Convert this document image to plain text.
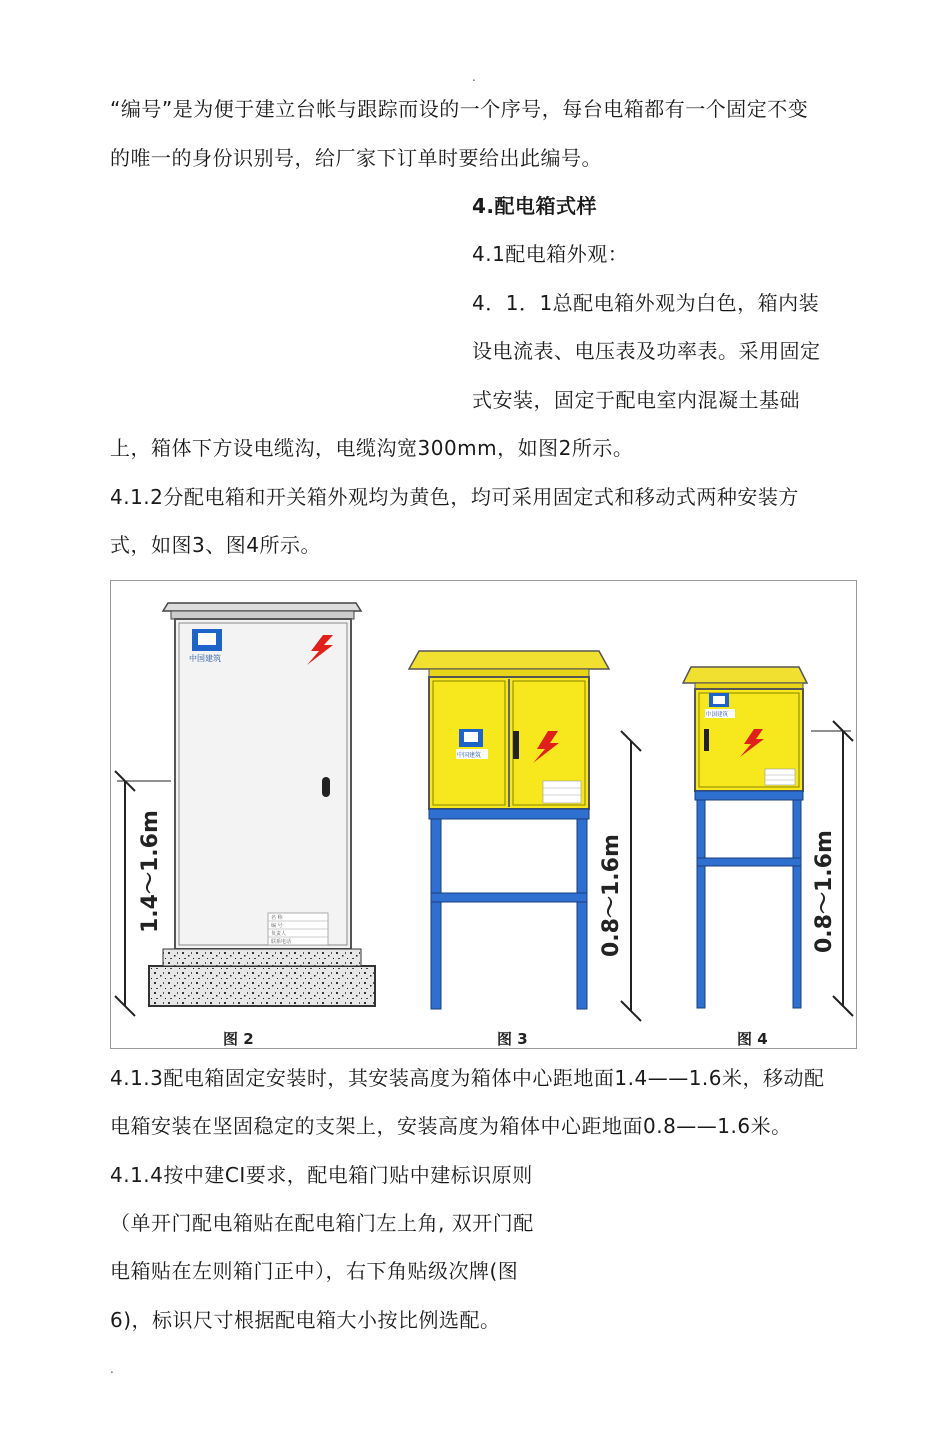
.
“编号”是为便于建立台帐与跟踪而设的一个序号，每台电箱都有一个固定不变
的唯一的身份识别号，给厂家下订单时要给出此编号。
4.配电箱式样
4.1配电箱外观：
4．1．1总配电箱外观为白色，箱内装
设电流表、电压表及功率表。采用固定
式安装，固定于配电室内混凝土基础
上，箱体下方设电缆沟，电缆沟宽300mm，如图2所示。
4.1.2分配电箱和开关箱外观均为黄色，均可采用固定式和移动式两种安装方
式，如图3、图4所示。
中国建筑
名 称
编 号
负责人
联系电话
1.4～1.6m
图 2
中国建筑
0.8～1.6m
图 3
中国建筑
0.8～1.6m
图 4
4.1.3配电箱固定安装时，其安装高度为箱体中心距地面1.4——1.6米，移动配
电箱安装在坚固稳定的支架上，安装高度为箱体中心距地面0.8——1.6米。
4.1.4按中建CI要求，配电箱门贴中建标识原则
（单开门配电箱贴在配电箱门左上角, 双开门配
电箱贴在左则箱门正中），右下角贴级次牌(图
6)，标识尺寸根据配电箱大小按比例选配。
.
